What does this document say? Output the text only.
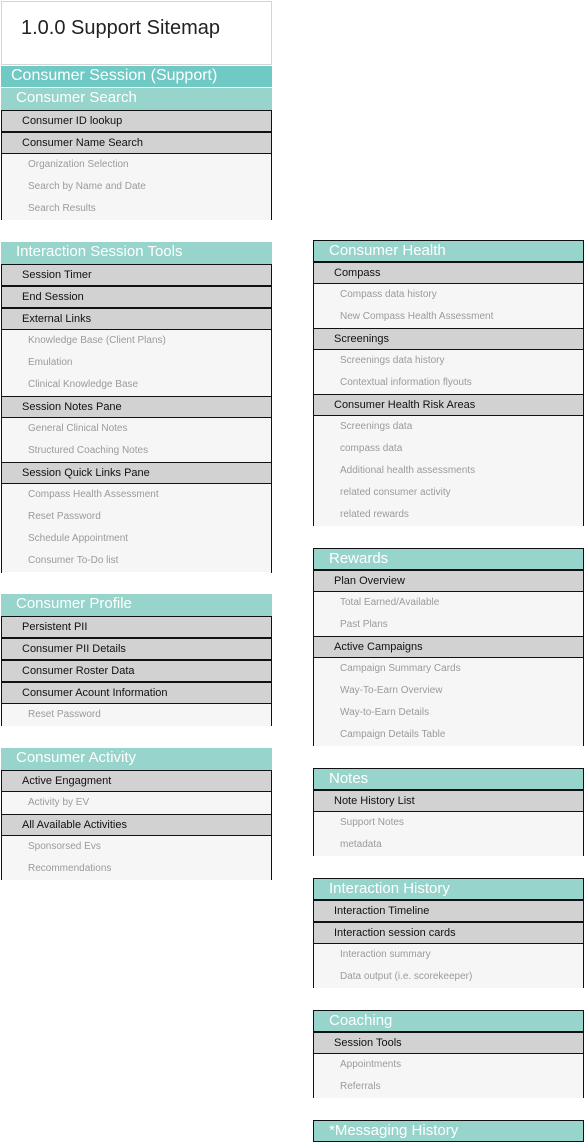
1.0.0 Support Sitemap
Consumer Session (Support)
Consumer Search
Consumer ID lookup
Consumer Name Search
Organization Selection
Search by Name and Date
Search Results
Interaction Session Tools
Session Timer
End Session
External Links
Knowledge Base (Client Plans)
Emulation
Clinical Knowledge Base
Session Notes Pane
General Clinical Notes
Structured Coaching Notes
Session Quick Links Pane
Compass Health Assessment
Reset Password
Schedule Appointment
Consumer To-Do list
Consumer Profile
Persistent PII
Consumer PII Details
Consumer Roster Data
Consumer Acount Information
Reset Password
Consumer Activity
Active Engagment
Activity by EV
All Available Activities
Sponsorsed Evs
Recommendations
Consumer Health
Compass
Compass data history
New Compass Health Assessment
Screenings
Screenings data history
Contextual information flyouts
Consumer Health Risk Areas
Screenings data
compass data
Additional health assessments
related consumer activity
related rewards
Rewards
Plan Overview
Total Earned/Available
Past Plans
Active Campaigns
Campaign Summary Cards
Way-To-Earn Overview
Way-to-Earn Details
Campaign Details Table
Notes
Note History List
Support Notes
metadata
Interaction History
Interaction Timeline
Interaction session cards
Interaction summary
Data output (i.e. scorekeeper)
Coaching
Session Tools
Appointments
Referrals
*Messaging History
